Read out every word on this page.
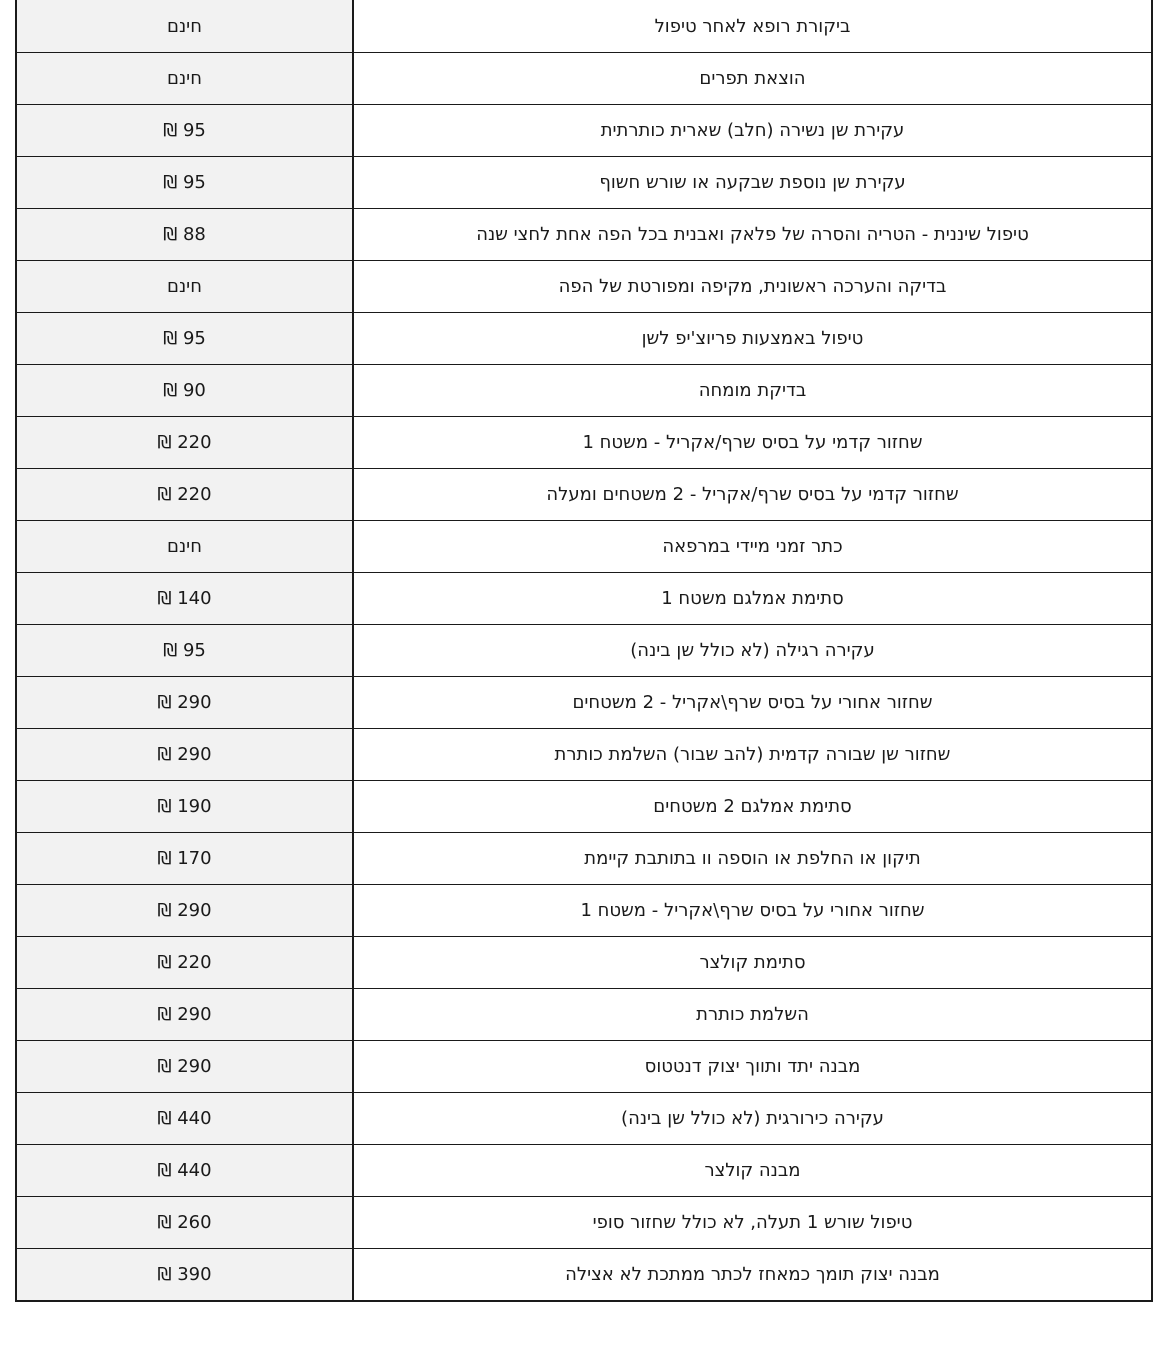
ביקורת רופא לאחר טיפול	חינם
הוצאת תפרים	חינם
עקירת שן נשירה (חלב) שארית כותרתית	95 ₪
עקירת שן נוספת שבקעה או שורש חשוף	95 ₪
טיפול שיננית - הטריה והסרה של פלאק ואבנית בכל הפה אחת לחצי שנה	88 ₪
בדיקה והערכה ראשונית, מקיפה ומפורטת של הפה	חינם
טיפול באמצעות פריוצ'יפ לשן	95 ₪
בדיקת מומחה	90 ₪
שחזור קדמי על בסיס שרף/אקריל - משטח 1	220 ₪
שחזור קדמי על בסיס שרף/אקריל - 2 משטחים ומעלה	220 ₪
כתר זמני מיידי במרפאה	חינם
סתימת אמלגם משטח 1	140 ₪
עקירה רגילה (לא כולל שן בינה)	95 ₪
שחזור אחורי על בסיס שרף\אקריל - 2 משטחים	290 ₪
שחזור שן שבורה קדמית (להב שבור) השלמת כותרת	290 ₪
סתימת אמלגם 2 משטחים	190 ₪
תיקון או החלפת או הוספה וו בתותבת קיימת	170 ₪
שחזור אחורי על בסיס שרף\אקריל - משטח 1	290 ₪
סתימת קולצר	220 ₪
השלמת כותרת	290 ₪
מבנה יתד ותווך יצוק דנטטוס	290 ₪
עקירה כירורגית (לא כולל שן בינה)	440 ₪
מבנה קולצר	440 ₪
טיפול שורש 1 תעלה, לא כולל שחזור סופי	260 ₪
מבנה יצוק תומך כמאחז לכתר ממתכת לא אצילה	390 ₪
